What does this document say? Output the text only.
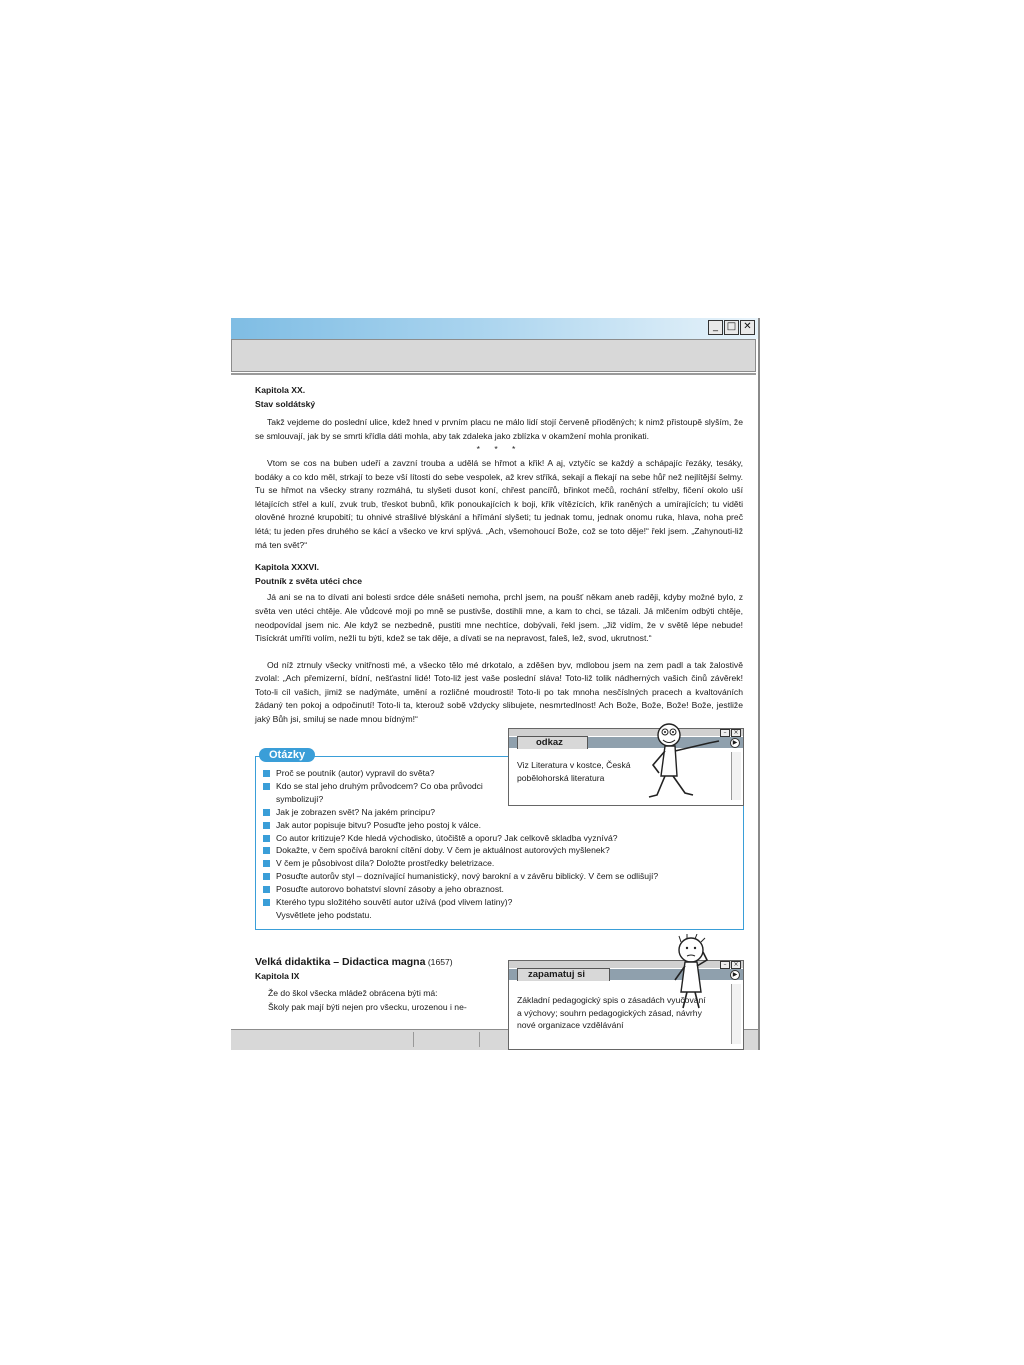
_ □ ✕
Kapitola XX.
Stav soldátský

Takž vejdeme do poslední ulice, kdež hned v prvním placu ne málo lidí stojí červeně přioděných; k nimž přistoupě slyším, že se smlouvají, jak by se smrti křídla dáti mohla, aby tak zdaleka jako zblízka v okamžení mohla pronikati.

* * *

Vtom se cos na buben udeří a zavzní trouba a udělá se hřmot a křik! A aj, vztyčíc se každý a schápajíc řezáky, tesáky, bodáky a co kdo měl, strkají to beze vší lítosti do sebe vespolek, až krev stříká, sekají a flekají na sebe hůř než nejlítější šelmy. Tu se hřmot na všecky strany rozmáhá, tu slyšeti dusot koní, chřest pancířů, břinkot mečů, rochání střelby, fičení okolo uší létajících střel a kulí, zvuk trub, třeskot bubnů, křik ponoukajících k boji, křik vítězících, křik raněných a umírajících; tu viděti olověné hrozné krupobití; tu ohnivé strašlivé blýskání a hřímání slyšeti; tu jednak tomu, jednak onomu ruka, hlava, noha preč létá; tu jeden přes druhého se kácí a všecko ve krvi splývá. „Ach, všemohoucí Bože, což se toto děje!“ řekl jsem. „Zahynouti-liž má ten svět?“

Kapitola XXXVI.
Poutník z světa utéci chce

Já ani se na to dívati ani bolesti srdce déle snášeti nemoha, prchl jsem, na poušť někam aneb raději, kdyby možné bylo, z světa ven utéci chtěje. Ale vůdcové moji po mně se pustivše, dostihli mne, a kam to chci, se tázali. Já mlčením odbýti chtěje, neodpovídal jsem nic. Ale když se nezbedně, pustiti mne nechtíce, dobývali, řekl jsem. „Již vidím, že v světě lépe nebude! Tisíckrát umříti volím, nežli tu býti, kdež se tak děje, a dívati se na nepravost, faleš, lež, svod, ukrutnost.“

Od níž ztrnuly všecky vnitřnosti mé, a všecko tělo mé drkotalo, a zděšen byv, mdlobou jsem na zem padl a tak žalostivě zvolal: „Ach přemizerní, bídní, nešťastní lidé! Toto-liž jest vaše poslední sláva! Toto-liž tolik nádherných vašich činů závěrek! Toto-li cíl vašich, jimiž se nadýmáte, umění a rozličné moudrosti! Toto-li po tak mnoha nesčíslných pracech a kvaltováních žádaný ten pokoj a odpočinutí! Toto-li ta, kterouž sobě vždycky slibujete, nesmrtedlnost! Ach Bože, Bože, Bože! Bože, jestliže jaký Bůh jsi, smiluj se nade mnou bídným!“

Proč se poutník (autor) vypravil do světa?
Kdo se stal jeho druhým průvodcem? Co oba průvodci symbolizují?
Jak je zobrazen svět? Na jakém principu?
Jak autor popisuje bitvu? Posuďte jeho postoj k válce.
Co autor kritizuje? Kde hledá východisko, útočiště a oporu? Jak celkově skladba vyznívá?
Dokažte, v čem spočívá barokní cítění doby. V čem je aktuálnost autorových myšlenek?
V čem je působivost díla? Doložte prostředky beletrizace.
Posuďte autorův styl – doznívající humanistický, nový barokní a v závěru biblický. V čem se odlišují?
Posuďte autorovo bohatství slovní zásoby a jeho obraznost.
Kterého typu složitého souvětí autor užívá (pod vlivem latiny)? Vysvětlete jeho podstatu.
Otázky
Velká didaktika – Didactica magna (1657)
Kapitola IX
Že do škol všecka mládež obrácena býti má:
Školy pak mají býti nejen pro všecku, urozenou i ne-
–	×
odkaz	▶
Viz Literatura v kostce, Česká pobělohorská literatura
–	×
zapamatuj si	▶
Základní pedagogický spis o zásadách vyučování a výchovy; souhrn pedagogických zásad, návrhy nové organizace vzdělávání
